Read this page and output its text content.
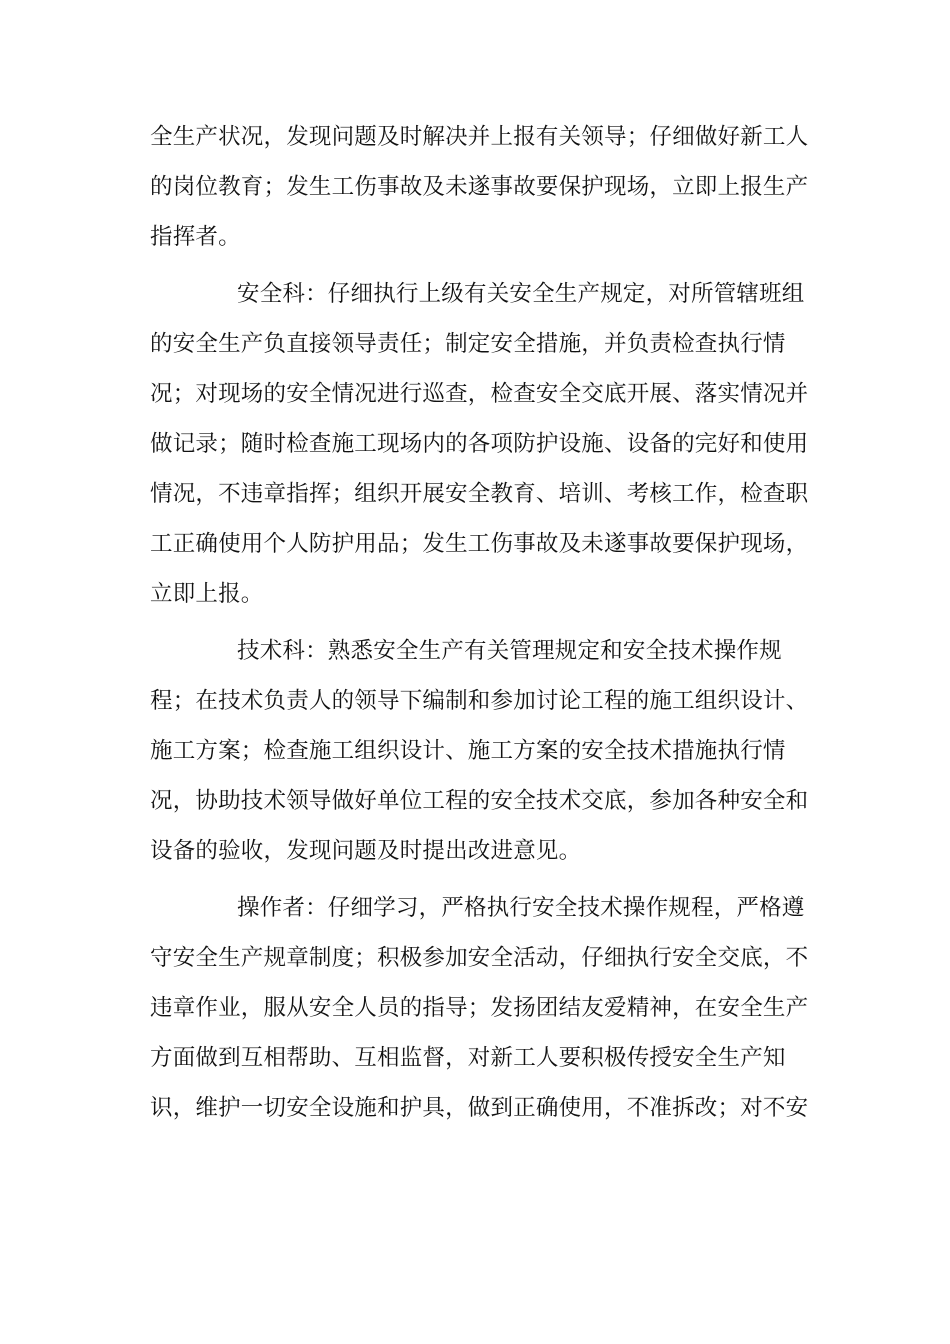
全生产状况，发现问题及时解决并上报有关领导；仔细做好新工人
的岗位教育；发生工伤事故及未遂事故要保护现场，立即上报生产
指挥者。
安全科：仔细执行上级有关安全生产规定，对所管辖班组
的安全生产负直接领导责任；制定安全措施，并负责检查执行情
况；对现场的安全情况进行巡查，检查安全交底开展、落实情况并
做记录；随时检查施工现场内的各项防护设施、设备的完好和使用
情况，不违章指挥；组织开展安全教育、培训、考核工作，检查职
工正确使用个人防护用品；发生工伤事故及未遂事故要保护现场，
立即上报。
技术科：熟悉安全生产有关管理规定和安全技术操作规
程；在技术负责人的领导下编制和参加讨论工程的施工组织设计、
施工方案；检查施工组织设计、施工方案的安全技术措施执行情
况，协助技术领导做好单位工程的安全技术交底，参加各种安全和
设备的验收，发现问题及时提出改进意见。
操作者：仔细学习，严格执行安全技术操作规程，严格遵
守安全生产规章制度；积极参加安全活动，仔细执行安全交底，不
违章作业，服从安全人员的指导；发扬团结友爱精神，在安全生产
方面做到互相帮助、互相监督，对新工人要积极传授安全生产知
识，维护一切安全设施和护具，做到正确使用，不准拆改；对不安
